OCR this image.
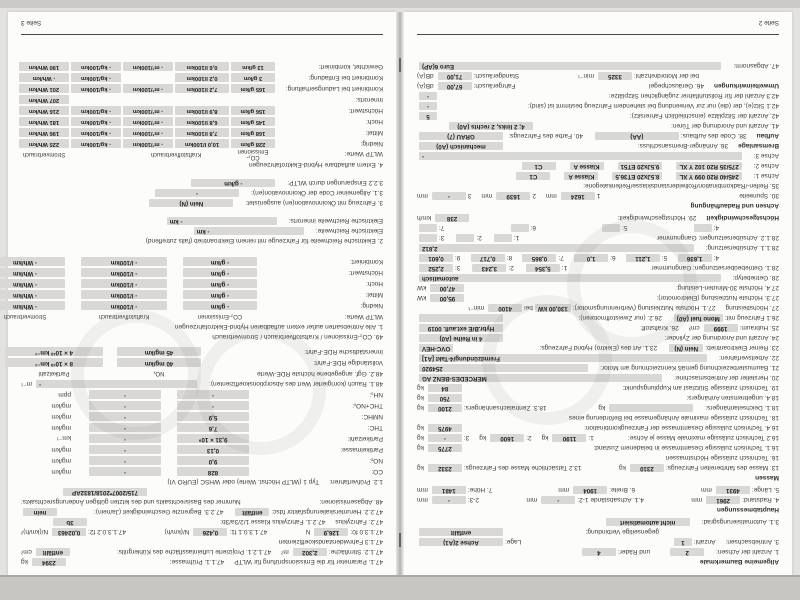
Allgemeine Baumerkmale
1. Anzahl der Achsen:
2
und Räder:
4
3. Antriebsachsen:
Anzahl:
1
Lage:
Achse 2(A1)
gegenseitige Verbindung:
entfällt
3.1. Automatisierungsgrad:
nicht automatisiert
Hauptabmessungen
4. Radstand:
2961
mm
4.1. Achsabstände 1-2:
-
mm
2-3:
-
mm
5. Länge:
4931
mm
6. Breite:
1904
mm
7. Höhe:
1481
mm
Massen
13. Masse des fahrbereiten Fahrzeugs:
2310
kg
13.2 Tatsächliche Masse des Fahrzeugs:
2332
kg
16. Technisch zulässige Höchstmassen
16.1. Technisch zulässige Gesamtmasse in beladenem Zustand:
2775
kg
16.2 Technisch zulässige maximale Masse je Achse:
1:
1190
kg
2:
1600
kg
3:
-
kg
16.4. Technisch zulässige Gesamtmasse der Fahrzeugkombination:
4975
kg
18. Technisch zulässige maximale Anhängemasse bei Beförderung eines
18.1. Deichselanhängers:
kg
18.3. Zentralachsanhängers:
2100
kg
18.4. ungebremsten Anhängers:
750
kg
19. Technisch zulässige Stützlast am Kupplungspunkt:
84
kg
20. Hersteller der Antriebsmaschine:
MERCEDES-BENZ AG
21. Baumusterbezeichnung gemäß Kennzeichnung am Motor:
254920
22. Arbeitsverfahren:
Fremdzündung/4-Takt [A1]
23. Reiner Elektroantrieb:
Nein (N)
23.1. Art des (Elektro) Hybrid Fahrzeugs:
OVC-HEV
24. Anzahl und Anordnung der Zylinder:
4 in Reihe (A0)
25. Hubraum:
1999
cm³
26. Kraftstoff:
Hybr.B/E ext.aufl. 0019
26.1 Fahrzeug mit:
Mono fuel (A0)
26.2. (nur Zweistoffmotoren):
27. Höchstleistung
27.1. Höchste Nutzleistung (Verbrennungsmotor):
130,00 kW
bei
4100
min⁻¹
27.3. Höchste Nutzleistung (Elektromotor):
95,00
kW
27.4. Höchste 30-Minuten-Leistung:
47,00
kW
28. Getriebetyp:
automatisch
28.1. Getriebeübersetzungen: Gangnummer
1:
5,354
2:
3,243
3:
2,252
4:
1,636
5:
1,211
6:
1,0
7:
0,865
8:
0,717
9:
0,601
28.1.1. Achsübersetzung:
2,812
28.1.2. Achsübersetzungen: Gangnummer
1:
2:
3:
4:
5:
6:
7:
Höchstgeschwindigkeit
29. Höchstgeschwindigkeit:
238
km/h
Achsen und Radaufhängung
30. Spurweite
1
1624
mm
2
1639
mm
3
-
mm
35. Reifen-/Radkombination/Rollwiderstandsklasse/Reifenkategorie:
Achse 1:
245/40 R20 099 Y XL
8.5Jx20 ET36.5
Klasse A
C1
Achse 2:
275/35 R20 102 Y XL
9.5Jx20 ET51
Klasse A
C1
Achse 3:
-
Bremsanlage
36. Anhänger-Bremsanschluss:
mechanisch (A0)
Aufbau
38. Code des Aufbaus:
(AA)
40. Farbe des Fahrzeugs:
GRAU (7)
41. Anzahl und Anordnung der Türen:
4; 2 links, 2 rechts (A0)
42. Anzahl der Sitzplätze (einschließlich Fahrersitz):
5
42.1 Sitz(e), der (die) nur zur Verwendung bei stehendem Fahrzeug bestimmt ist (sind):
-
42.3 Anzahl der für Rollstuhlfahrer zugänglichen Sitzplätze:
-
Umwelteinwirkungen
46. Geräuschpegel
Fahrgeräusch:
67,00
dB(A)
bei der Motordrehzahl:
3325
min⁻¹
Standgeräusch:
71,00
dB(A)
47. Abgasnorm:
Euro 6(AP)
Seite 2
47.1. Parameter für die Emissionsprüfung für WLTP
47.1.1. Prüfmasse:
2394
kg
47.1.2. Stirnfläche:
2,302
m²
47.1.2.1. Projizierte Lufteinlassfläche des Kühlergrills:
entfällt
cm²
47.1.3 Fahrwiderstandskoeffizienten
47.1.3.0 f0:
126,9
N
47.1.3.0.1 f1:
0,426
N/(km/h)
47.1.3.0.2 f2:
0,02463
N/(km/h)²
47.2. Fahrzyklus
47.2.1. Fahrzyklus Klasse 1/2/3a/3b:
3b
47.2.2. Herunterskalierungsfaktor fdsc:
entfällt
47.2.3. Begrenzte Geschwindigkeit (Ja/nein):
nein
48. Abgasemissionen:
Nummer des Basisrechtsakts und des letzten gültigen Änderungsrechtsakts:
715/2007*2018/1832AP
1.2. Prüfverfahren:
Typ 1 (WLTP Höchst. Werte) oder WHSC (EURO VI)
CO:
828
-
mg/km
NOₓ:
9,0
-
mg/km
Partikelmasse:
0,13
-
mg/km
Partikelzahl:
9,31 × 10⁹
-
km⁻¹
THC:
7,6
-
mg/km
NMHC:
5,9
-
mg/km
THC+NOₓ:
-
-
mg/km
NH₃:
-
-
ppm
48.1. Rauch (korrigierter Wert des Absorptionskoeffizienten):
-
m⁻¹
48.2. Ggf. angegebene höchste RDE-Werte
NOₓ
Partikelzahl
Vollständige RDE-Fahrt:
40 mg/km
8 × 10¹⁰ km⁻¹
Innerstädtische RDE-Fahrt:
45 mg/km
4 × 10¹⁰ km⁻¹
49. CO₂-Emissionen / Kraftstoffverbrauch / Stromverbrauch
1. Alle Antriebsarten außer extern aufladbaren Hybrid-Elektrofahrzeugen
WLTP Werte:
CO₂-Emissionen
Kraftstoffverbrauch
Stromverbrauch
Niedrig:
- g/km
- l/100km
- Wh/km
Mittel:
- g/km
- l/100km
- Wh/km
Hoch:
- g/km
- l/100km
- Wh/km
Höchstwert:
- g/km
- l/100km
- Wh/km
Kombiniert:
- g/km
- l/100km
- Wh/km
2. Elektrische Reichweite für Fahrzeuge mit reinem Elektroantrieb (falls zutreffend)
Elektrische Reichweite:
- km
Elektrische Reichweite innerorts:
- km
3. Fahrzeug mit Ökoinnovation(en) ausgerüstet:
Nein (N)
3.1. Allgemeiner Code der Ökoinnovation(en):
-
3.2.2 Einsparungen durch WLTP:
- g/km
4. Extern aufladbare Hybrid-Elektrofahrzeugen
WLTP Werte:
CO₂-Emissionen
Kraftstoffverbrauch
Stromverbrauch
Niedrig:
228 g/km
10,0 l/100km
- m³/100km
- kg/100km
225 Wh/km
Mittel:
168 g/km
7,8 l/100km
- m³/100km
- kg/100km
196 Wh/km
Hoch:
145 g/km
6,8 l/100km
- m³/100km
- kg/100km
181 Wh/km
Höchstwert:
156 g/km
8,9 l/100km
- m³/100km
- kg/100km
216 Wh/km
Innerorts:
207 Wh/km
Kombiniert bei Ladungserhaltung:
165 g/km
7,2 l/100km
- m³/100km
- kg/100km
201 Wh/km
Kombiniert bei Entladung:
3 g/km
0,2 l/100km
- kg/100km
- Wh/km
Gewichtet, kombiniert:
13 g/km
0,6 l/100km
- m³/100km
- kg/100km
190 Wh/km
Seite 3
